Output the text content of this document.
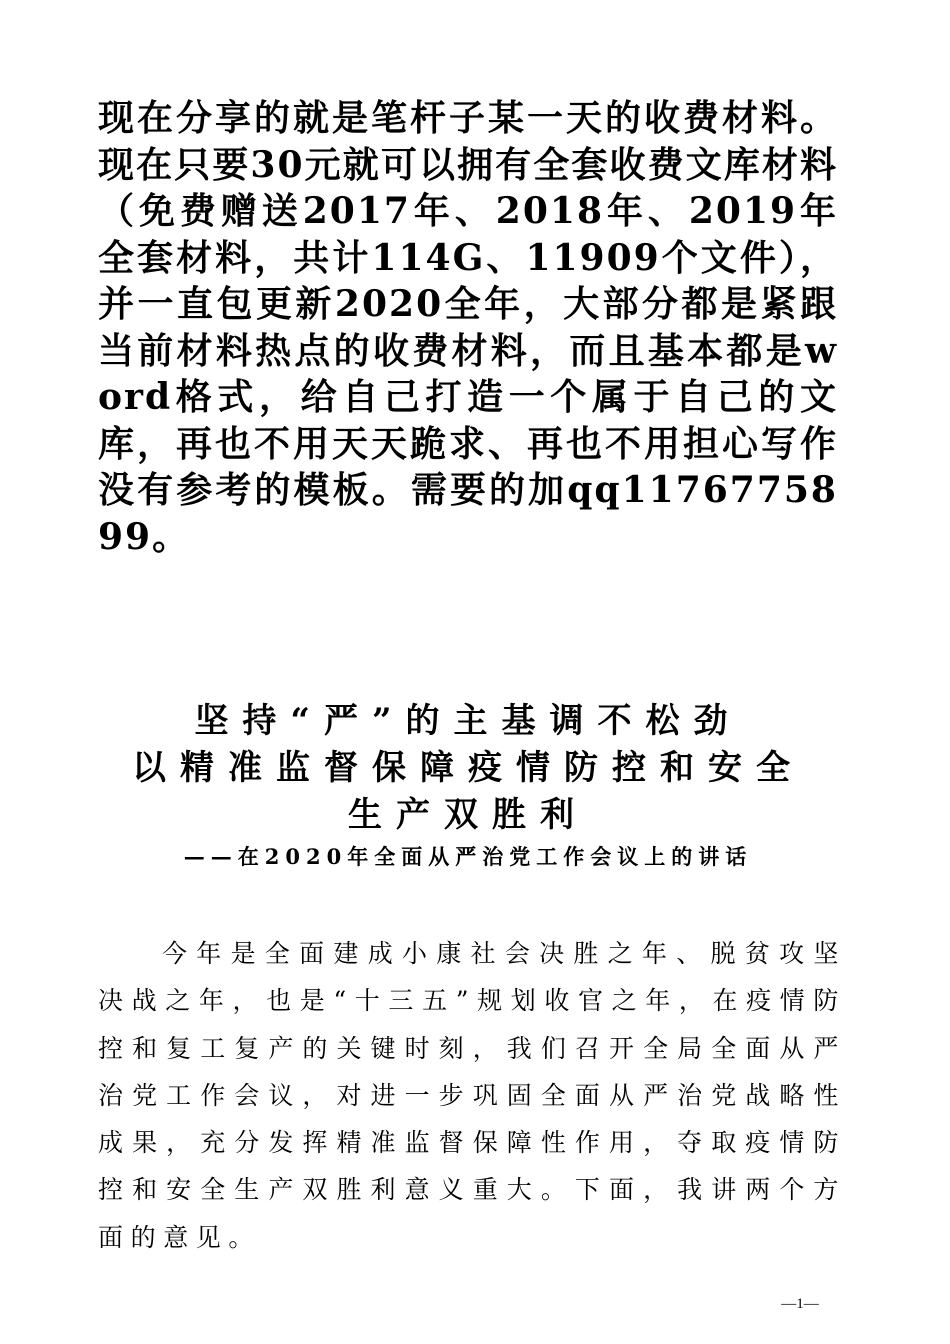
现在分享的就是笔杆子某一天的收费材料。现在只要30元就可以拥有全套收费文库材料（免费赠送2017年、2018年、2019年全套材料，共计114G、11909个文件），并一直包更新2020全年，大部分都是紧跟当前材料热点的收费材料，而且基本都是word格式，给自己打造一个属于自己的文库，再也不用天天跪求、再也不用担心写作没有参考的模板。需要的加qq1176775899。
坚持“严”的主基调不松劲
以精准监督保障疫情防控和安全
生产双胜利
——在2020年全面从严治党工作会议上的讲话
今年是全面建成小康社会决胜之年、脱贫攻坚决战之年，也是“十三五”规划收官之年，在疫情防控和复工复产的关键时刻，我们召开全局全面从严治党工作会议，对进一步巩固全面从严治党战略性成果，充分发挥精准监督保障性作用，夺取疫情防控和安全生产双胜利意义重大。下面，我讲两个方面的意见。
—1—
